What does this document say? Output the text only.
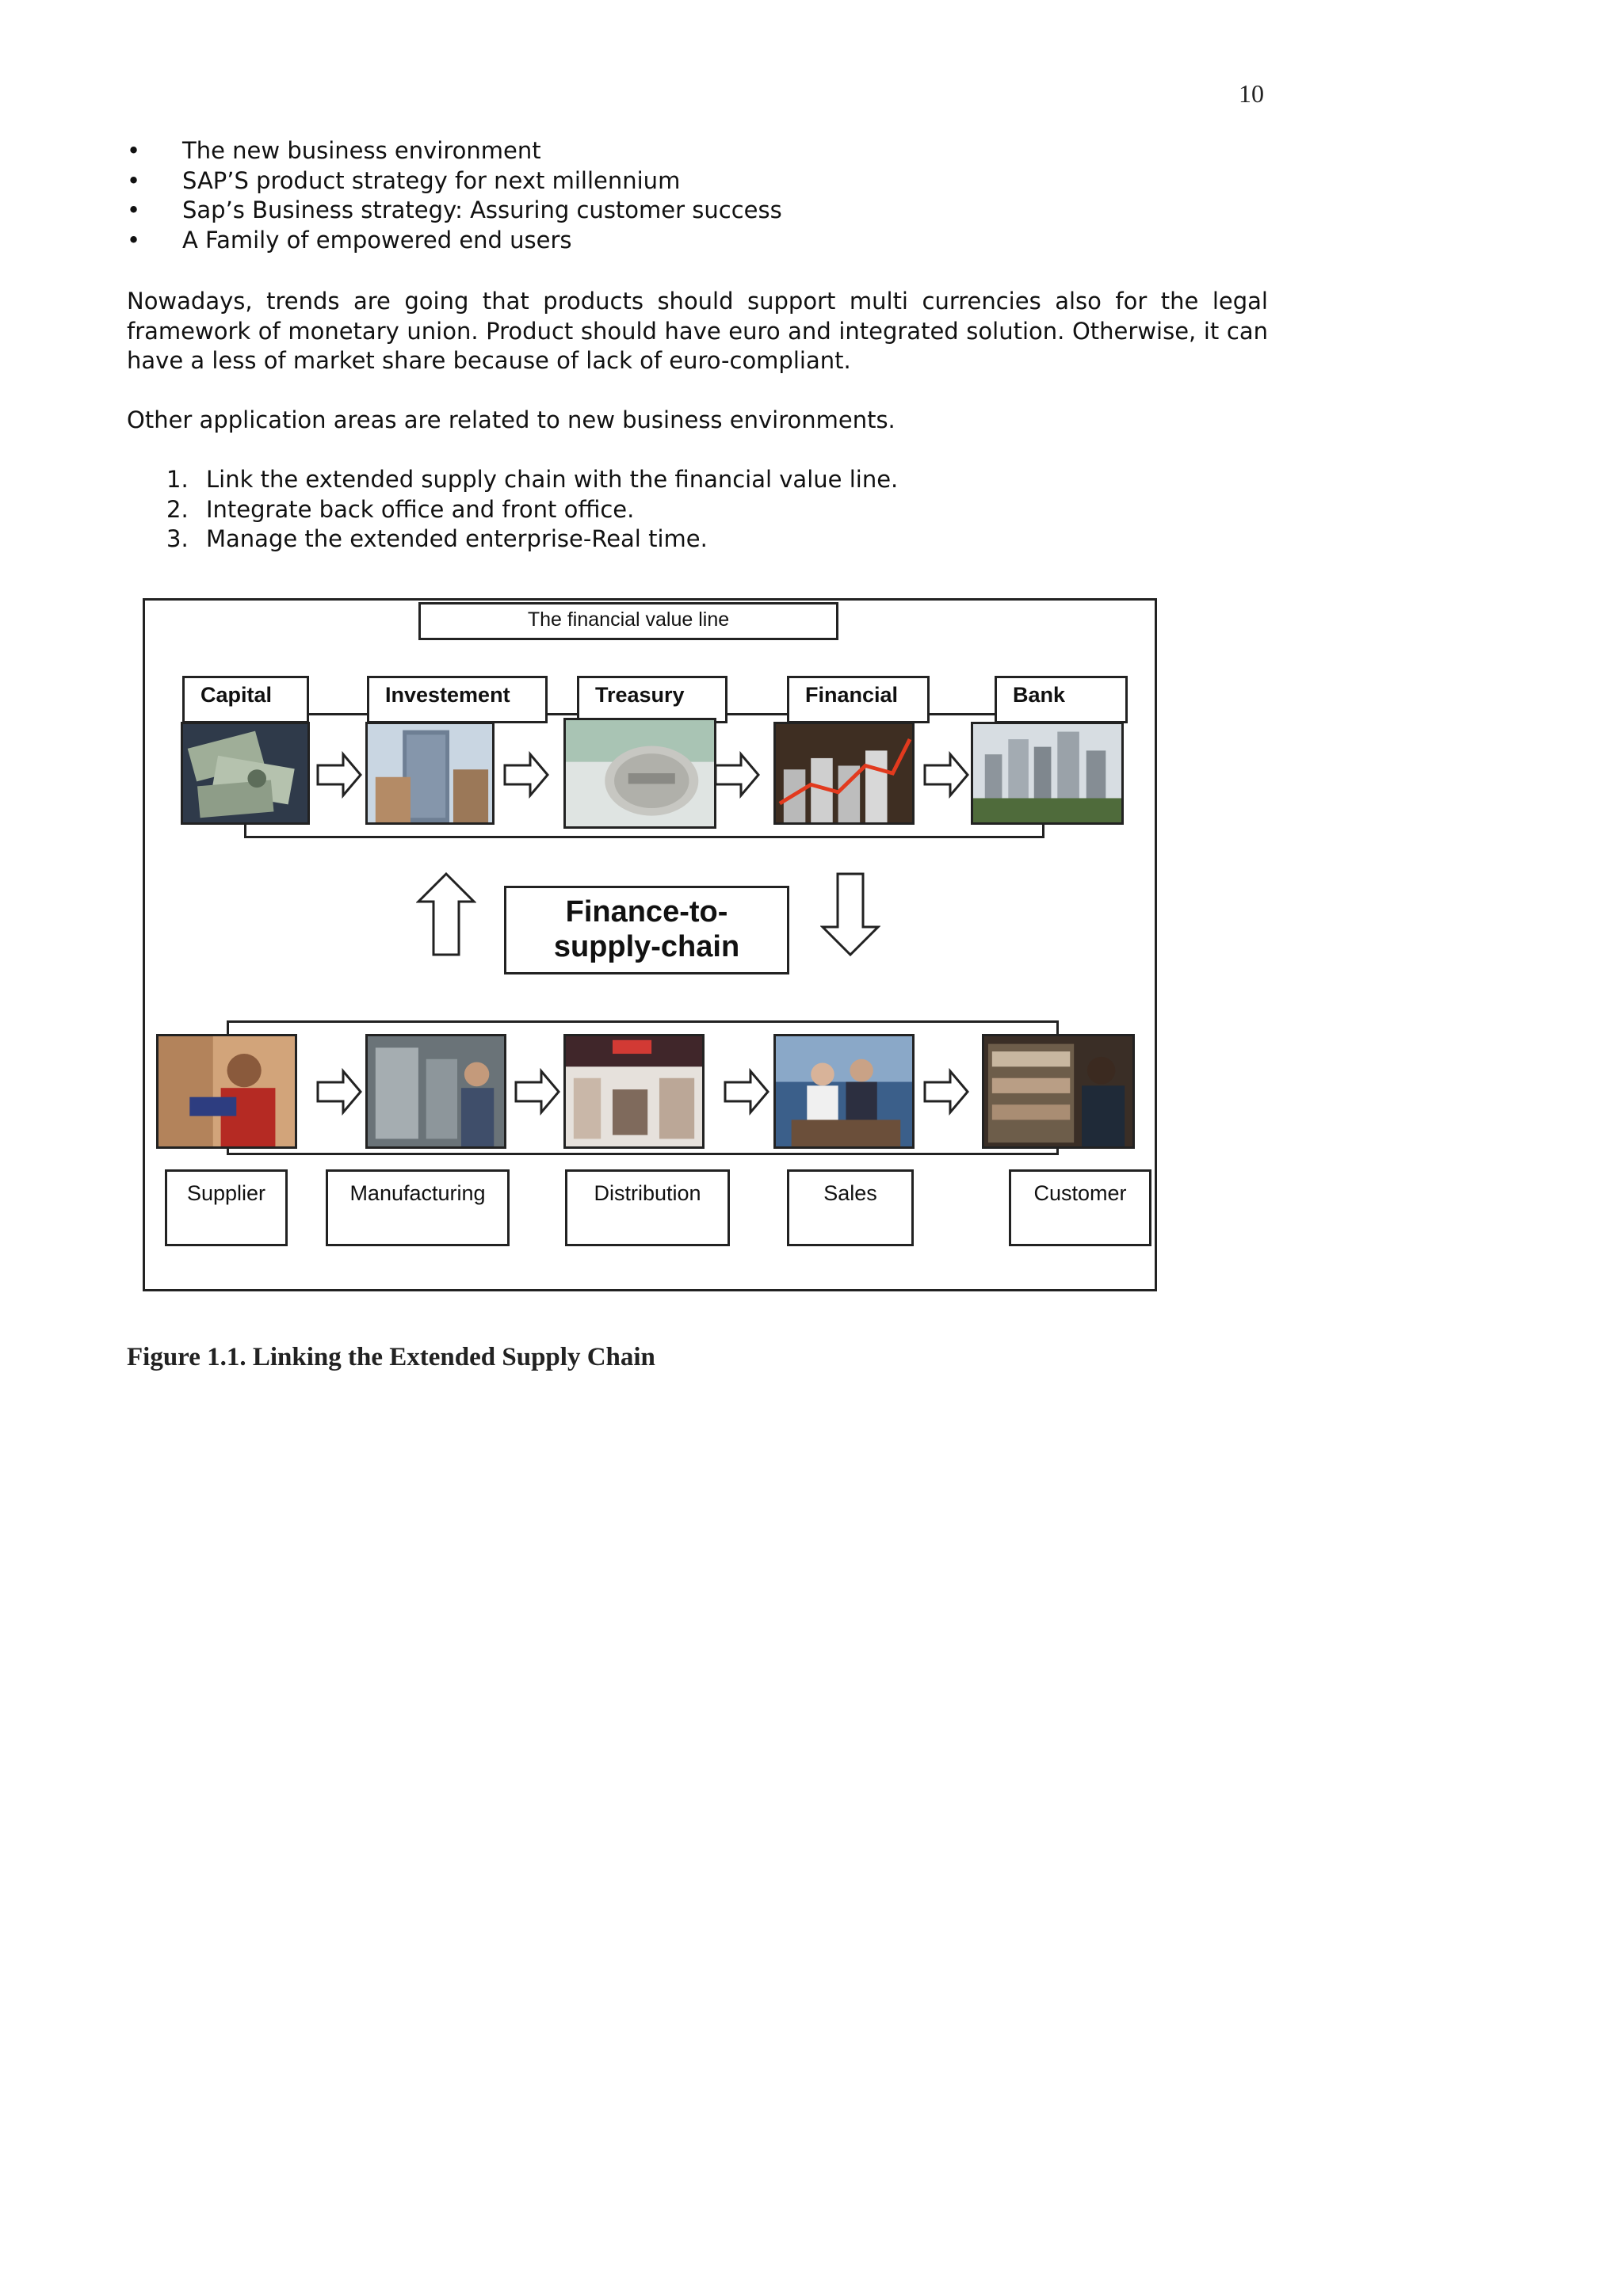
10
• The new business environment
• SAP’S product strategy for next millennium
• Sap’s Business strategy: Assuring customer success
• A Family of empowered end users

Nowadays, trends are going that products should support multi currencies also for the legal framework of monetary union. Product should have euro and integrated solution. Otherwise, it can have a less of market share because of lack of euro-compliant.

Other application areas are related to new business environments.

1. Link the extended supply chain with the financial value line.
2. Integrate back office and front office.
3. Manage the extended enterprise-Real time.
The financial value line
Capital	Investement	Treasury	Financial	Bank
Finance-to-
supply-chain
Supplier	Manufacturing	Distribution	Sales	Customer
Figure 1.1. Linking the Extended Supply Chain
